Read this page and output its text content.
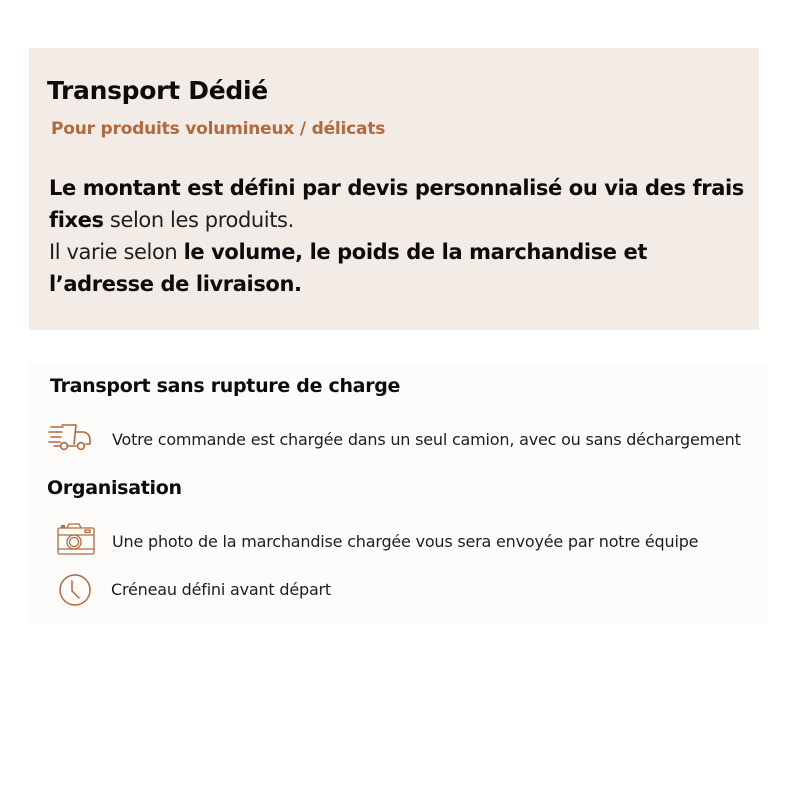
Transport Dédié
Pour produits volumineux / délicats
Le montant est défini par devis personnalisé ou via des frais fixes selon les produits.
Il varie selon le volume, le poids de la marchandise et l’adresse de livraison.
Transport sans rupture de charge
Votre commande est chargée dans un seul camion, avec ou sans déchargement
Organisation
Une photo de la marchandise chargée vous sera envoyée par notre équipe
Créneau défini avant départ
